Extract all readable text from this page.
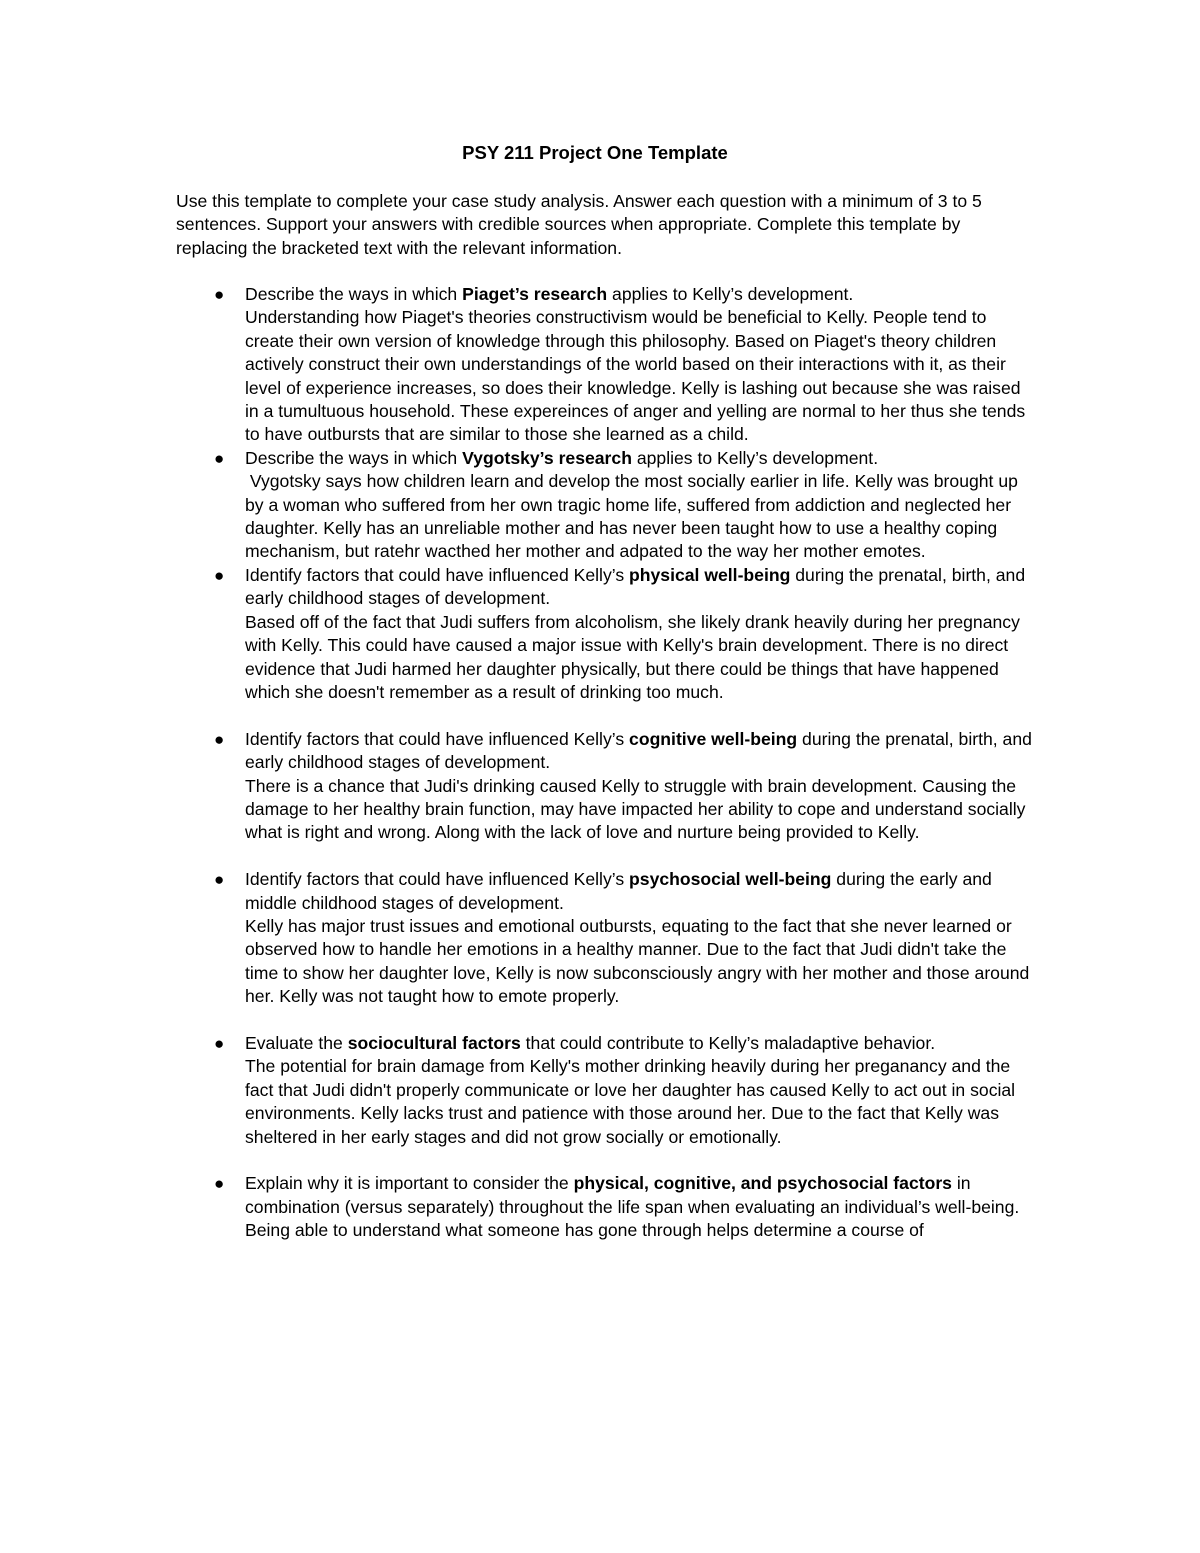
PSY 211 Project One Template

Use this template to complete your case study analysis. Answer each question with a minimum of 3 to 5 sentences. Support your answers with credible sources when appropriate. Complete this template by replacing the bracketed text with the relevant information.

● Describe the ways in which Piaget’s research applies to Kelly’s development.
Understanding how Piaget's theories constructivism would be beneficial to Kelly. People tend to create their own version of knowledge through this philosophy. Based on Piaget's theory children actively construct their own understandings of the world based on their interactions with it, as their level of experience increases, so does their knowledge. Kelly is lashing out because she was raised in a tumultuous household. These expereinces of anger and yelling are normal to her thus she tends to have outbursts that are similar to those she learned as a child.
● Describe the ways in which Vygotsky’s research applies to Kelly’s development.
Vygotsky says how children learn and develop the most socially earlier in life. Kelly was brought up  by a woman who suffered from her own tragic home life, suffered from addiction and neglected her daughter. Kelly has an unreliable mother and has never been taught how to use a healthy coping mechanism, but ratehr wacthed her mother and adpated to the way her mother emotes.
● Identify factors that could have influenced Kelly’s physical well-being during the prenatal, birth, and early childhood stages of development.
Based off of the fact that Judi suffers from alcoholism, she likely drank heavily during her pregnancy with Kelly. This could have caused a major issue with Kelly's brain development. There is no direct evidence that Judi harmed her daughter physically, but there could be things that have happened which she doesn't remember as a result of drinking too much.
● Identify factors that could have influenced Kelly’s cognitive well-being during the prenatal, birth, and early childhood stages of development.
There is a chance that Judi's drinking caused Kelly to struggle with brain development. Causing the damage to her healthy brain function, may have impacted her ability to cope and understand socially what is right and wrong. Along with the lack of love and nurture being provided to Kelly.
● Identify factors that could have influenced Kelly’s psychosocial well-being during the early and middle childhood stages of development.
Kelly has major trust issues and emotional outbursts, equating to the fact that she never learned or observed how to handle her emotions in a healthy manner. Due to the fact that Judi didn't take the time to show her daughter love, Kelly is now subconsciously angry with her mother and those around her. Kelly was not taught how to emote properly.
● Evaluate the sociocultural factors that could contribute to Kelly’s maladaptive behavior.
The potential for brain damage from Kelly's mother drinking heavily during her preganancy and the fact that Judi didn't properly communicate or love her daughter has caused Kelly to act out in social environments. Kelly lacks trust and patience with those around her. Due to the fact that Kelly was sheltered in her early stages and did not grow socially or emotionally.
● Explain why it is important to consider the physical, cognitive, and psychosocial factors in combination (versus separately) throughout the life span when evaluating an individual’s well-being.
Being able to understand what someone has gone through helps determine a course of
